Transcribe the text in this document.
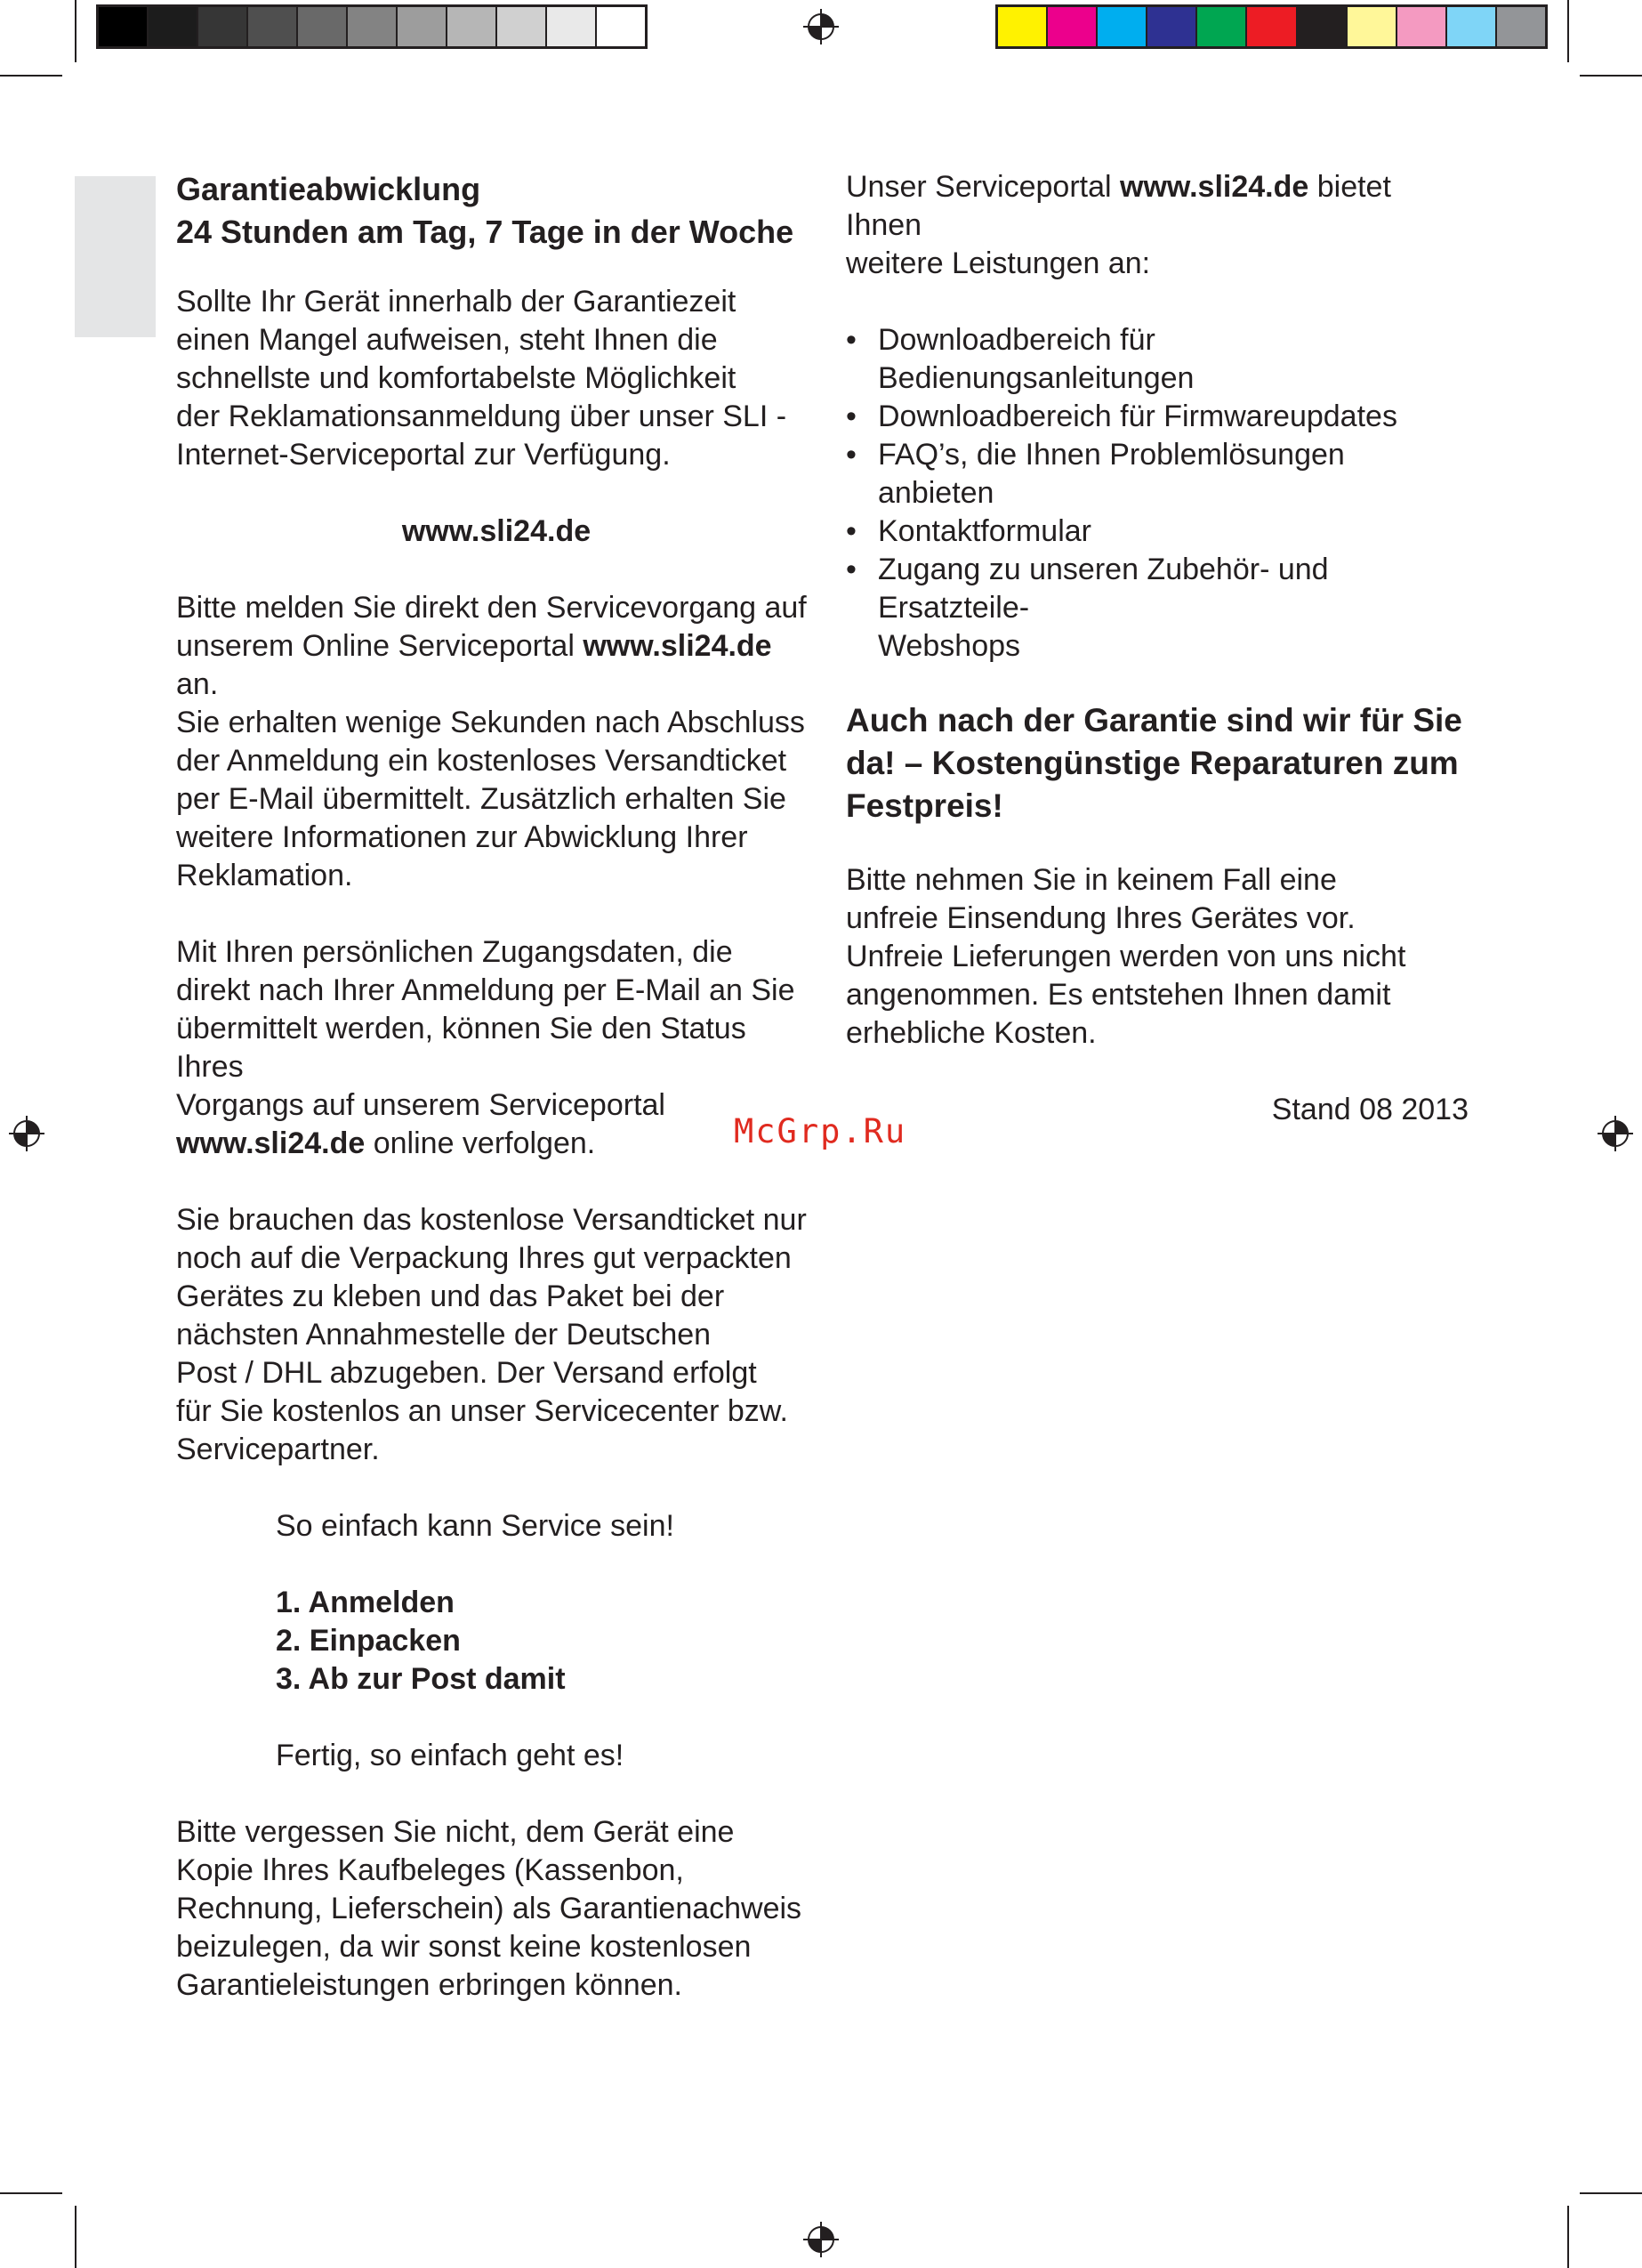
Garantieabwicklung
24 Stunden am Tag, 7 Tage in der Woche

Sollte Ihr Gerät innerhalb der Garantiezeit
einen Mangel aufweisen, steht Ihnen die
schnellste und komfortabelste Möglichkeit
der Reklamationsanmeldung über unser SLI -
Internet-Serviceportal zur Verfügung.

www.sli24.de

Bitte melden Sie direkt den Servicevorgang auf
unserem Online Serviceportal www.sli24.de an.
Sie erhalten wenige Sekunden nach Abschluss
der Anmeldung ein kostenloses Versandticket
per E-Mail übermittelt. Zusätzlich erhalten Sie
weitere Informationen zur Abwicklung Ihrer
Reklamation.

Mit Ihren persönlichen Zugangsdaten, die
direkt nach Ihrer Anmeldung per E-Mail an Sie
übermittelt werden, können Sie den Status Ihres
Vorgangs auf unserem Serviceportal
www.sli24.de online verfolgen.

Sie brauchen das kostenlose Versandticket nur
noch auf die Verpackung Ihres gut verpackten
Gerätes zu kleben und das Paket bei der
nächsten Annahmestelle der Deutschen
Post / DHL abzugeben. Der Versand erfolgt
für Sie kostenlos an unser Servicecenter bzw.
Servicepartner.

So einfach kann Service sein!

1. Anmelden
2. Einpacken
3. Ab zur Post damit

Fertig, so einfach geht es!

Bitte vergessen Sie nicht, dem Gerät eine
Kopie Ihres Kaufbeleges (Kassenbon,
Rechnung, Lieferschein) als Garantienachweis
beizulegen, da wir sonst keine kostenlosen
Garantieleistungen erbringen können.

Unser Serviceportal www.sli24.de bietet Ihnen
weitere Leistungen an:

• Downloadbereich für Bedienungsanleitungen
• Downloadbereich für Firmwareupdates
• FAQ’s, die Ihnen Problemlösungen anbieten
• Kontaktformular
• Zugang zu unseren Zubehör- und Ersatzteile-
Webshops
Auch nach der Garantie sind wir für Sie
da! – Kostengünstige Reparaturen zum
Festpreis!

Bitte nehmen Sie in keinem Fall eine
unfreie Einsendung Ihres Gerätes vor.
Unfreie Lieferungen werden von uns nicht
angenommen. Es entstehen Ihnen damit
erhebliche Kosten.

Stand 08 2013

McGrp.Ru
